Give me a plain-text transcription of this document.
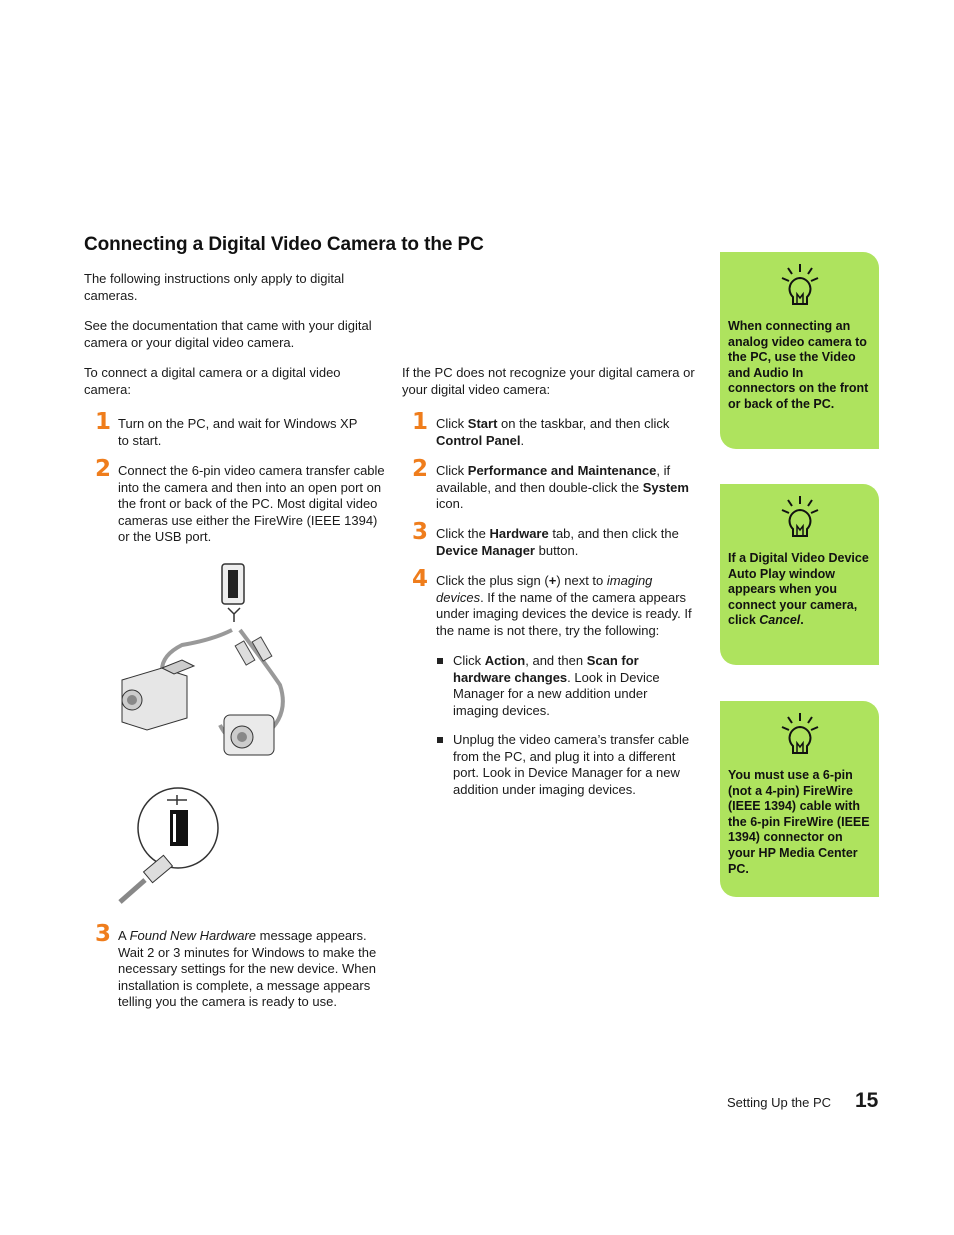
Connecting a Digital Video Camera to the PC

The following instructions only apply to digital cameras.

See the documentation that came with your digital camera or your digital video camera.

To connect a digital camera or a digital video camera:

1 Turn on the PC, and wait for Windows XP to start.

2 Connect the 6-pin video camera transfer cable into the camera and then into an open port on the front or back of the PC. Most digital video cameras use either the FireWire (IEEE 1394) or the USB port.

3 A Found New Hardware message appears. Wait 2 or 3 minutes for Windows to make the necessary settings for the new device. When installation is complete, a message appears telling you the camera is ready to use.

If the PC does not recognize your digital camera or your digital video camera:

1 Click Start on the taskbar, and then click Control Panel.

2 Click Performance and Maintenance, if available, and then double-click the System icon.

3 Click the Hardware tab, and then click the Device Manager button.

4 Click the plus sign (+) next to imaging devices. If the name of the camera appears under imaging devices the device is ready. If the name is not there, try the following:

Click Action, and then Scan for hardware changes. Look in Device Manager for a new addition under imaging devices.

Unplug the video camera’s transfer cable from the PC, and plug it into a different port. Look in Device Manager for a new addition under imaging devices.

When connecting an analog video camera to the PC, use the Video and Audio In connectors on the front or back of the PC.

If a Digital Video Device Auto Play window appears when you connect your camera, click Cancel.

You must use a 6-pin (not a 4-pin) FireWire (IEEE 1394) cable with the 6-pin FireWire (IEEE 1394) connector on your HP Media Center PC.

Setting Up the PC 15
